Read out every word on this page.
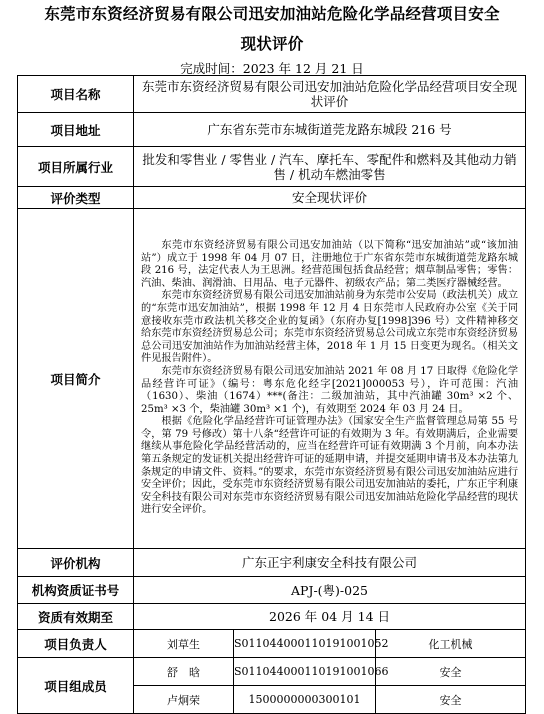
东莞市东资经济贸易有限公司迅安加油站危险化学品经营项目安全
现状评价
完成时间：2023 年 12 月 21 日
项目名称	东莞市东资经济贸易有限公司迅安加油站危险化学品经营项目安全现状评价		
项目地址	广东省东莞市东城街道莞龙路东城段 216 号		
项目所属行业	批发和零售业 / 零售业 / 汽车、摩托车、零配件和燃料及其他动力销售 / 机动车燃油零售		
评价类型	安全现状评价		
项目简介	东莞市东资经济贸易有限公司迅安加油站（以下简称“迅安加油站”或“该加油站”）成立于 1998 年 04 月 07 日，注册地位于广东省东莞市东城街道莞龙路东城段 216 号，法定代表人为王思洲。经营范围包括食品经营；烟草制品零售；零售：汽油、柴油、润滑油、日用品、电子元器件、初级农产品；第二类医疗器械经营。

东莞市东资经济贸易有限公司迅安加油站前身为东莞市公安局（政法机关）成立的“东莞市迅安加油站”，根据 1998 年 12 月 4 日东莞市人民政府办公室《关于同意接收东莞市政法机关移交企业的复函》（东府办复[1998]396 号）文件精神移交给东莞市东资经济贸易总公司；东莞市东资经济贸易总公司成立东莞市东资经济贸易总公司迅安加油站作为加油站经营主体，2018 年 1 月 15 日变更为现名。（相关文件见报告附件）。

东莞市东资经济贸易有限公司迅安加油站 2021 年 08 月 17 日取得《危险化学品经营许可证》（编号：粤东危化经字[2021]000053 号），许可范围：汽油（1630）、柴油（1674）***(备注：二级加油站，其中汽油罐 30m³ ×2 个、25m³ ×3 个，柴油罐 30m³ ×1 个)，有效期至 2024 年 03 月 24 日。

根据《危险化学品经营许可证管理办法》（国家安全生产监督管理总局第 55 号令，第 79 号修改）第十八条“经营许可证的有效期为 3 年。有效期满后，企业需要继续从事危险化学品经营活动的，应当在经营许可证有效期满 3 个月前，向本办法第五条规定的发证机关提出经营许可证的延期申请，并提交延期申请书及本办法第九条规定的申请文件、资料。”的要求，东莞市东资经济贸易有限公司迅安加油站应进行安全评价；因此，受东莞市东资经济贸易有限公司迅安加油站的委托，广东正宇利康安全科技有限公司对东莞市东资经济贸易有限公司迅安加油站危险化学品经营的现状进行安全评价。		

评价机构	广东正宇利康安全科技有限公司		
机构资质证书号	APJ-(粤)-025		
资质有效期至	2026 年 04 月 14 日		
项目负责人	刘草生	S011044000110191001052	化工机械
项目组成员	舒　晗	S011044000110191001066	安全
	卢炯荣	1500000000300101	安全
